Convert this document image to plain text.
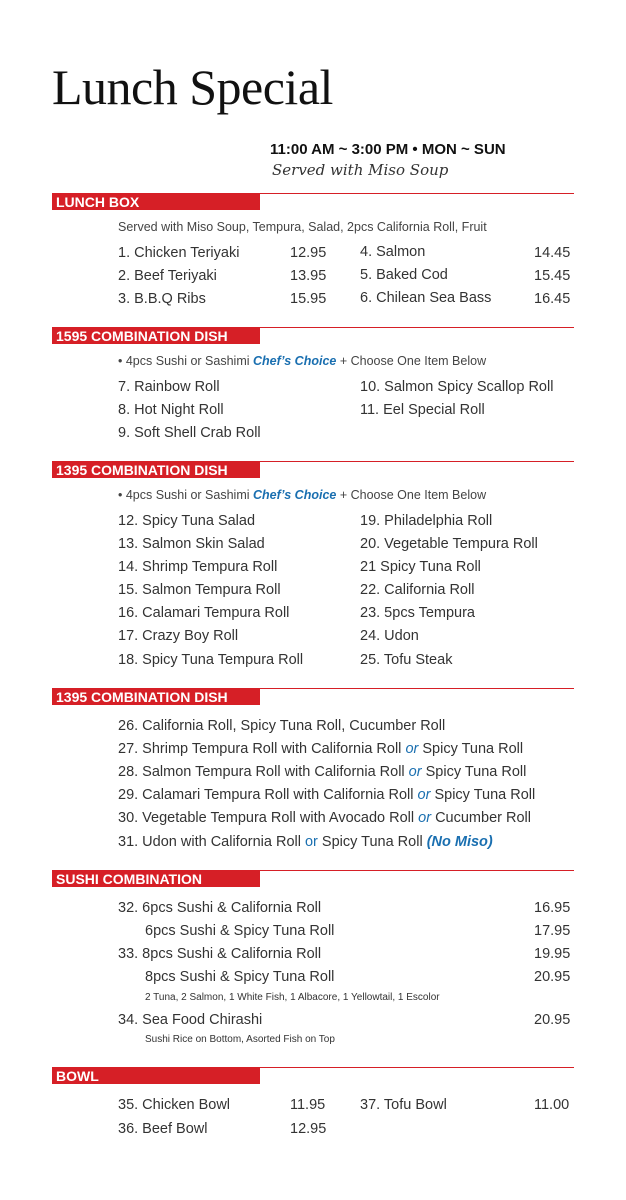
Lunch Special
11:00 AM ~ 3:00 PM • MON ~ SUN
Served with Miso Soup
LUNCH BOX
Served with Miso Soup, Tempura, Salad, 2pcs California Roll, Fruit
1. Chicken Teriyaki	12.95
2. Beef Teriyaki	13.95
3. B.B.Q Ribs	15.95
4. Salmon	14.45
5. Baked Cod	15.45
6. Chilean Sea Bass	16.45
1595 COMBINATION DISH
• 4pcs Sushi or Sashimi Chef’s Choice + Choose One Item Below
7. Rainbow Roll
8. Hot Night Roll
9. Soft Shell Crab Roll
10. Salmon Spicy Scallop Roll
11. Eel Special Roll
1395 COMBINATION DISH
• 4pcs Sushi or Sashimi Chef’s Choice + Choose One Item Below
12. Spicy Tuna Salad
13. Salmon Skin Salad
14. Shrimp Tempura Roll
15. Salmon Tempura Roll
16. Calamari Tempura Roll
17. Crazy Boy Roll
18. Spicy Tuna Tempura Roll
19. Philadelphia Roll
20. Vegetable Tempura Roll
21 Spicy Tuna Roll
22. California Roll
23. 5pcs Tempura
24. Udon
25. Tofu Steak
1395 COMBINATION DISH
26. California Roll, Spicy Tuna Roll, Cucumber Roll
27. Shrimp Tempura Roll with California Roll or Spicy Tuna Roll
28. Salmon Tempura Roll with California Roll or Spicy Tuna Roll
29. Calamari Tempura Roll with California Roll or Spicy Tuna Roll
30. Vegetable Tempura Roll with Avocado Roll or Cucumber Roll
31. Udon with California Roll or Spicy Tuna Roll (No Miso)
SUSHI COMBINATION
32. 6pcs Sushi & California Roll	16.95
6pcs Sushi & Spicy Tuna Roll	17.95
33. 8pcs Sushi & California Roll	19.95
8pcs Sushi & Spicy Tuna Roll	20.95
2 Tuna, 2 Salmon, 1 White Fish, 1 Albacore, 1 Yellowtail, 1 Escolor
34. Sea Food Chirashi	20.95
Sushi Rice on Bottom, Asorted Fish on Top
BOWL
35. Chicken Bowl	11.95
36. Beef Bowl	12.95
37. Tofu Bowl	11.00
